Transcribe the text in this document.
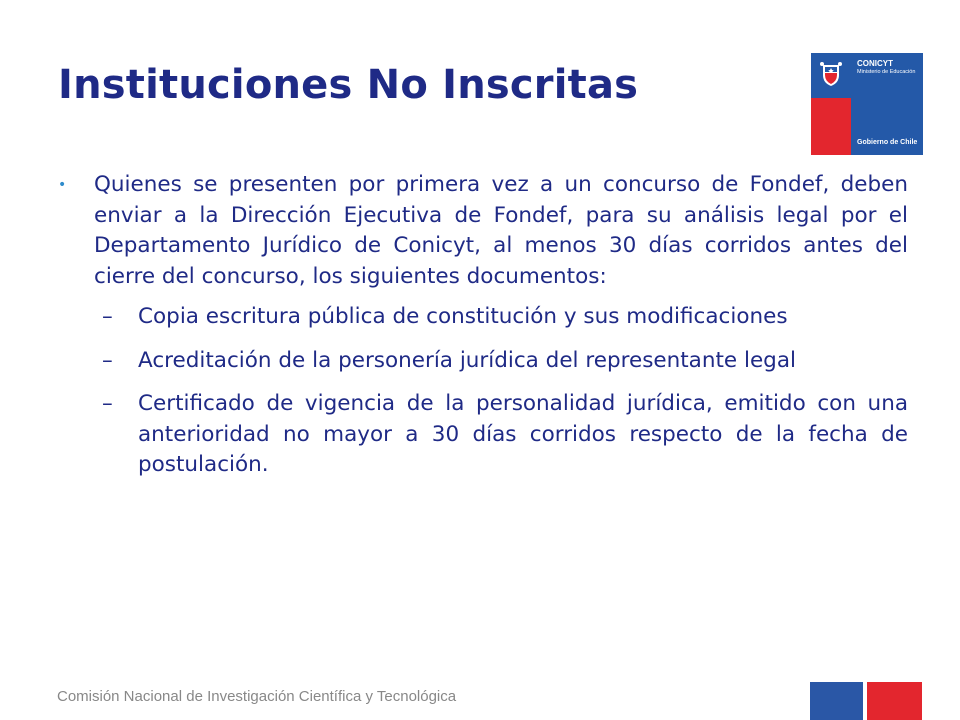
Instituciones No Inscritas	CONICYT
Ministerio de Educación
Gobierno de Chile
• Quienes se presenten por primera vez a un concurso de Fondef, deben enviar a la Dirección Ejecutiva de Fondef, para su análisis legal por el Departamento Jurídico de Conicyt, al menos 30 días corridos antes del cierre del concurso, los siguientes documentos:
– Copia escritura pública de constitución y sus modificaciones
– Acreditación de la personería jurídica del representante legal
– Certificado de vigencia de la personalidad jurídica, emitido con una anterioridad no mayor a 30 días corridos respecto de la fecha de postulación.
Comisión Nacional de Investigación Científica y Tecnológica
